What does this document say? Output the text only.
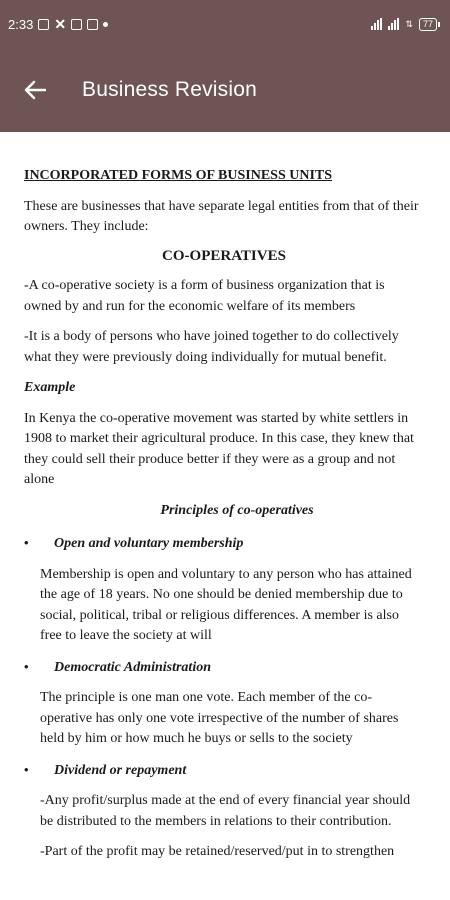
2:33 ✕	⇅	77
Business Revision
INCORPORATED FORMS OF BUSINESS UNITS

These are businesses that have separate legal entities from that of their owners. They include:

CO-OPERATIVES

-A co-operative society is a form of business organization that is owned by and run for the economic welfare of its members

-It is a body of persons who have joined together to do collectively what they were previously doing individually for mutual benefit.

Example

In Kenya the co-operative movement was started by white settlers in 1908 to market their agricultural produce. In this case, they knew that they could sell their produce better if they were as a group and not alone

Principles of co-operatives
•	Open and voluntary membership

Membership is open and voluntary to any person who has attained the age of 18 years. No one should be denied membership due to social, political, tribal or religious differences. A member is also free to leave the society at will

•	Democratic Administration

The principle is one man one vote. Each member of the co-operative has only one vote irrespective of the number of shares held by him or how much he buys or sells to the society

•	Dividend or repayment

-Any profit/surplus made at the end of every financial year should be distributed to the members in relations to their contribution.

-Part of the profit may be retained/reserved/put in to strengthen
